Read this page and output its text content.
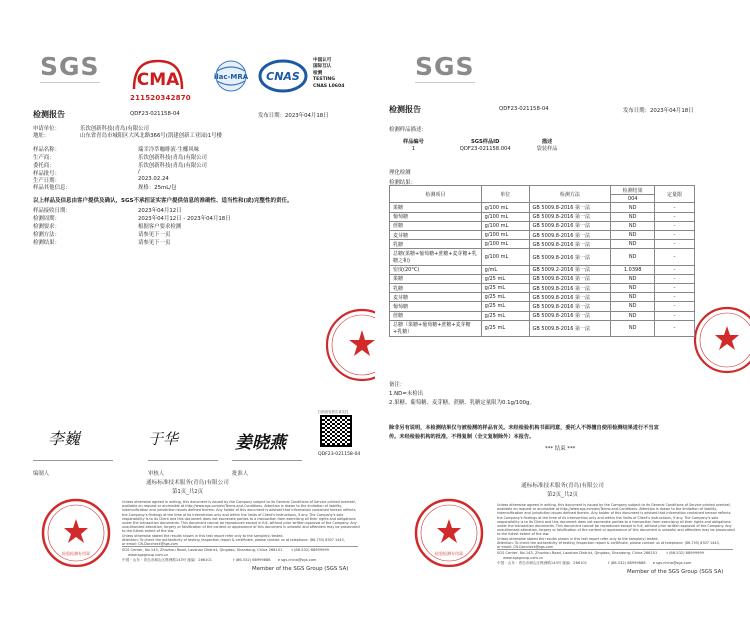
SGS CMA
211520342870
ilac-MRA CNAS
中国认可
国际互认
检测
TESTING
CNAS L0604
检测报告	QDF23-021158-04	发布日期：2023年04月18日
申请单位：	乐饮创新科技(青岛)有限公司
地址：	山东省青岛市城阳区大风北路366号(凯建创新工业园)1号楼
样品名称：	瑞幸冷萃咖啡液·生椰风味
生产商：	乐饮创新科技(青岛)有限公司
委托商：	乐饮创新科技(青岛)有限公司
样品批号：	/
生产日期：	2023.02.24
样品其他信息：	规格：25mL/包
以上样品及信息由客户提供及确认，SGS不承担证实客户提供信息的准确性、适当性和(或)完整性的责任。
样品接收日期：	2023年04月12日
检测周期：	2023年04月12日 - 2023年04月18日
检测要求：	根据客户要求检测
检测方法：	请参见下一页
检测结果：	请参见下一页
扫码查验报告真实性
QDF23-021158-04
李巍	于华	姜晓燕
编制人	审核人	批准人
通标标准技术服务(青岛)有限公司
第1页_共2页
检验检测专用章
Unless otherwise agreed in writing, this document is issued by the Company subject to its General Conditions of Service printed overleaf,
available on request or accessible at http://www.sgs.com/en/Terms-and-Conditions. Attention is drawn to the limitation of liability,
indemnification and jurisdiction issues defined therein. Any holder of this document is advised that information contained hereon reflects
the Company's findings at the time of its intervention only and within the limits of Client's instructions, if any. The Company's sole
responsibility is to its Client and this document does not exonerate parties to a transaction from exercising all their rights and obligations
under the transaction documents. This document cannot be reproduced except in full, without prior written approval of the Company. Any
unauthorized alteration, forgery or falsification of the content or appearance of this document is unlawful and offenders may be prosecuted
to the fullest extent of the law.
Unless otherwise stated the results shown in this test report refer only to the sample(s) tested.
Attention: To check the authenticity of testing /inspection report & certificate, please contact us at telephone: (86-755) 8307 1443,
or email: CN.Doccheck@sgs.com
SGS Center, No.143, Zhuzhou Road, Laoshan District, Qingdao, Shandong, China 266101	t (86-532) 68999999 www.sgsgroup.com.cn
中国・山东・青岛市崂山区株洲路143号 邮编：266101	f (86-532) 68999888 e sgs.china@sgs.com
Member of the SGS Group (SGS SA)
SGS
检测报告	QDF23-021158-04	发布日期：2023年04月18日
检测样品描述：
样品编号	SGS样品ID	描述
1	QDF23-021158.004	袋装样品
理化检测
检测结果：
备注：
1.ND=未检出
2.果糖、葡萄糖、麦芽糖、蔗糖、乳糖定量限为0.1g/100g。
除非另有说明，本检测结果仅与被检测的样品有关。未经检验机构书面同意，委托人不得擅自使用检测结果进行不当宣
传。未经检验机构的批准，不得复制（全文复制除外）本报告。
*** 结束 ***
通标标准技术服务(青岛)有限公司
第2页_共2页
检验检测专用章
Unless otherwise agreed in writing, this document is issued by the Company subject to its General Conditions of Service printed overleaf,
available on request or accessible at http://www.sgs.com/en/Terms-and-Conditions. Attention is drawn to the limitation of liability,
indemnification and jurisdiction issues defined therein. Any holder of this document is advised that information contained hereon reflects
the Company's findings at the time of its intervention only and within the limits of Client's instructions, if any. The Company's sole
responsibility is to its Client and this document does not exonerate parties to a transaction from exercising all their rights and obligations
under the transaction documents. This document cannot be reproduced except in full, without prior written approval of the Company. Any
unauthorized alteration, forgery or falsification of the content or appearance of this document is unlawful and offenders may be prosecuted
to the fullest extent of the law.
Unless otherwise stated the results shown in this test report refer only to the sample(s) tested.
Attention: To check the authenticity of testing /inspection report & certificate, please contact us at telephone: (86-755) 8307 1443,
or email: CN.Doccheck@sgs.com
SGS Center, No.143, Zhuzhou Road, Laoshan District, Qingdao, Shandong, China 266101	t (86-532) 68999999 www.sgsgroup.com.cn
中国・山东・青岛市崂山区株洲路143号 邮编：266101	f (86-532) 68999888 e sgs.china@sgs.com
Member of the SGS Group (SGS SA)
检测项目	单位	检测方法	检测结果	定量限
			004	
果糖	g/100 mL	GB 5009.8-2016 第一法	ND	-
葡萄糖	g/100 mL	GB 5009.8-2016 第一法	ND	-
蔗糖	g/100 mL	GB 5009.8-2016 第一法	ND	-
麦芽糖	g/100 mL	GB 5009.8-2016 第一法	ND	-
乳糖	g/100 mL	GB 5009.8-2016 第一法	ND	-
总糖(果糖+葡萄糖+蔗糖+麦芽糖+乳糖之和)	g/100 mL	GB 5009.8-2016 第一法	ND	-
密度(20°C)	g/mL	GB 5009.2-2016 第一法	1.0398	-
果糖	g/25 mL	GB 5009.8-2016 第一法	ND	-
乳糖	g/25 mL	GB 5009.8-2016 第一法	ND	-
麦芽糖	g/25 mL	GB 5009.8-2016 第一法	ND	-
葡萄糖	g/25 mL	GB 5009.8-2016 第一法	ND	-
蔗糖	g/25 mL	GB 5009.8-2016 第一法	ND	-
总糖（果糖+葡萄糖+蔗糖+麦芽糖+乳糖）	g/25 mL	GB 5009.8-2016 第一法	ND	-
